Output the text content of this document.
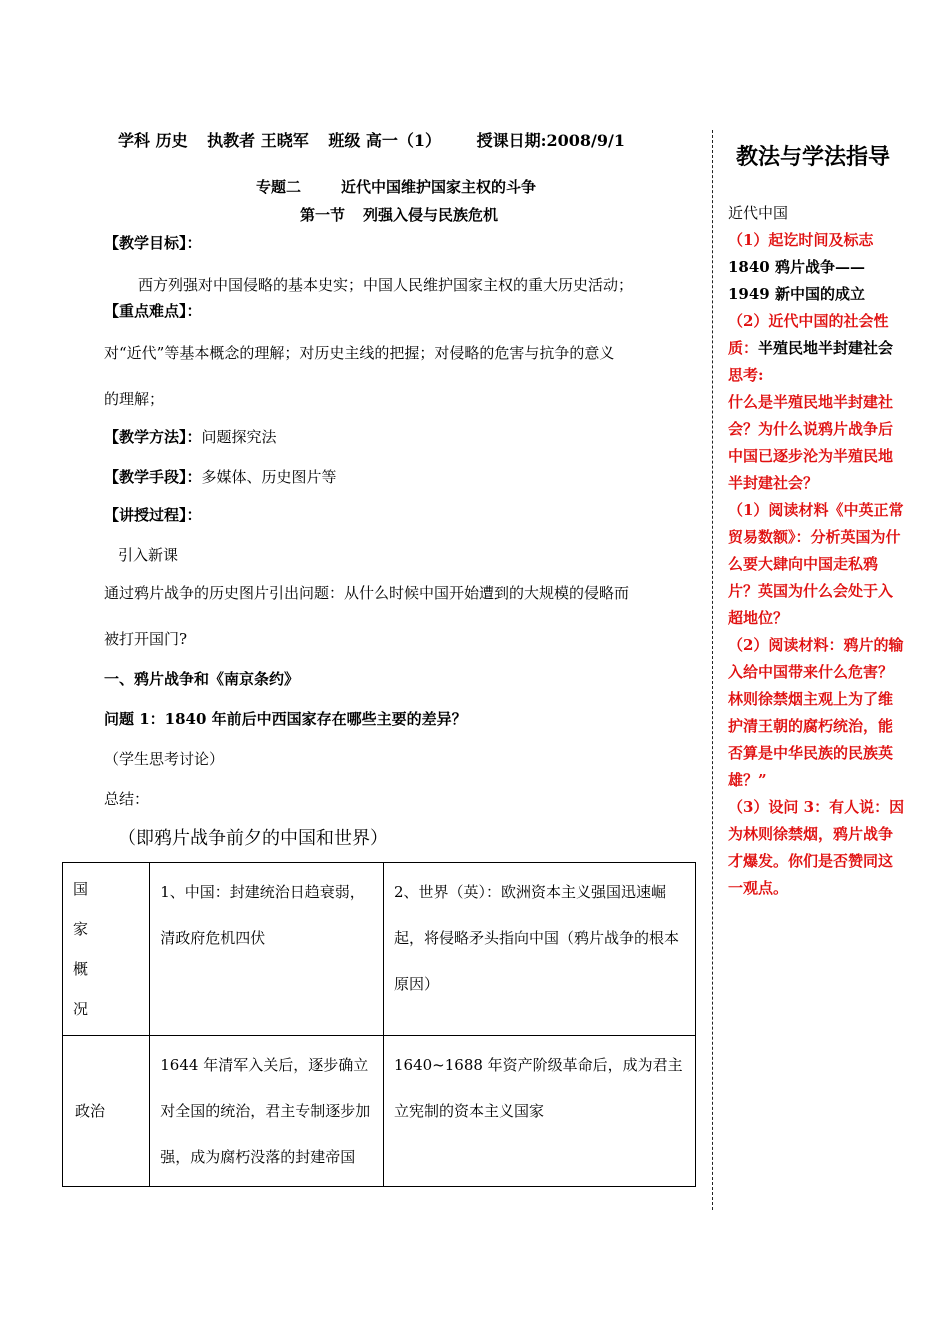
学科 历史 执教者 王晓军 班级 高一（1） 授课日期:2008/9/1
专题二	近代中国维护国家主权的斗争
第一节 列强入侵与民族危机
【教学目标】：
西方列强对中国侵略的基本史实；中国人民维护国家主权的重大历史活动；
【重点难点】：
对“近代”等基本概念的理解；对历史主线的把握；对侵略的危害与抗争的意义
的理解；
【教学方法】：问题探究法
【教学手段】：多媒体、历史图片等
【讲授过程】：
引入新课
通过鸦片战争的历史图片引出问题：从什么时候中国开始遭到的大规模的侵略而
被打开国门?
一、鸦片战争和《南京条约》
问题 1：1840 年前后中西国家存在哪些主要的差异？
（学生思考讨论）
总结：
（即鸦片战争前夕的中国和世界）
国家概况	1、中国：封建统治日趋衰弱，清政府危机四伏	2、世界（英）：欧洲资本主义强国迅速崛起，将侵略矛头指向中国（鸦片战争的根本原因）
政治	1644 年清军入关后，逐步确立对全国的统治，君主专制逐步加强，成为腐朽没落的封建帝国	1640~1688 年资产阶级革命后，成为君主立宪制的资本主义国家
教法与学法指导
近代中国
（1）起讫时间及标志
1840 鸦片战争——1949 新中国的成立
（2）近代中国的社会性质：半殖民地半封建社会
思考:
什么是半殖民地半封建社会？为什么说鸦片战争后中国已逐步沦为半殖民地半封建社会？
（1）阅读材料《中英正常贸易数额》：分析英国为什么要大肆向中国走私鸦片？英国为什么会处于入超地位？
（2）阅读材料：鸦片的输入给中国带来什么危害？林则徐禁烟主观上为了维护清王朝的腐朽统治，能否算是中华民族的民族英雄？”
（3）设问 3：有人说：因为林则徐禁烟，鸦片战争才爆发。你们是否赞同这一观点。
